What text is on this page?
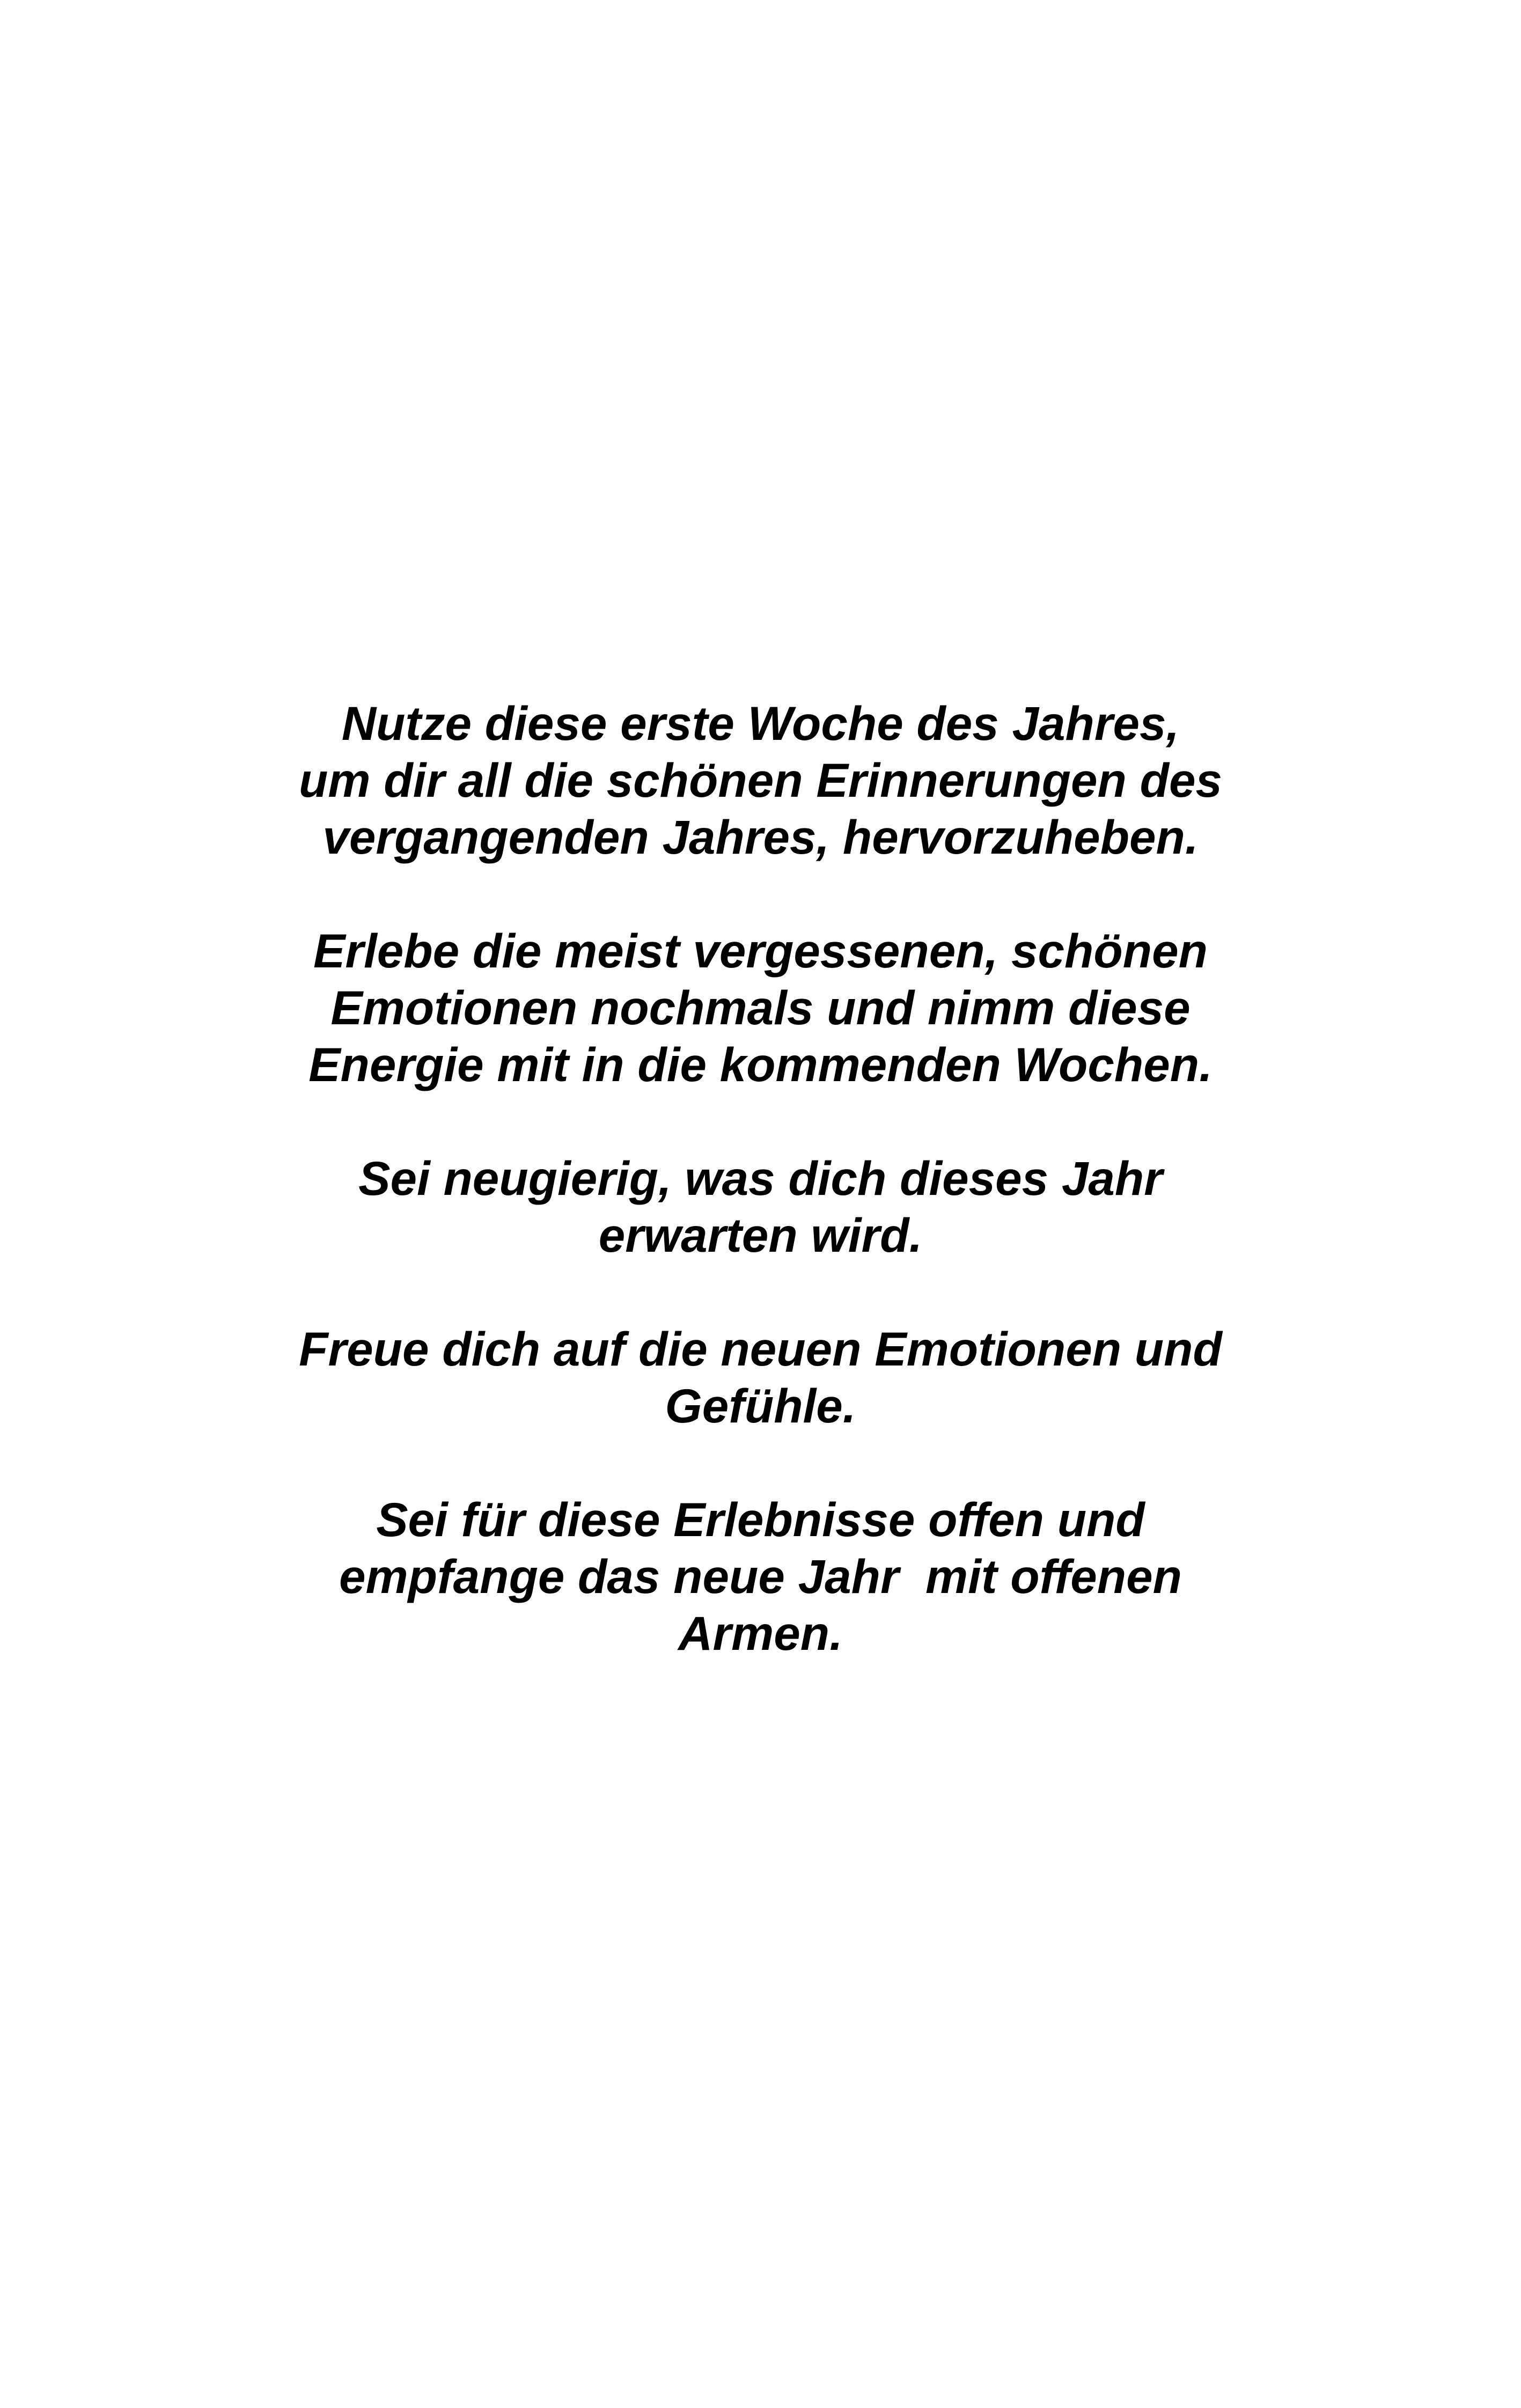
Nutze diese erste Woche des Jahres,
um dir all die schönen Erinnerungen des
vergangenden Jahres, hervorzuheben.

Erlebe die meist vergessenen, schönen
Emotionen nochmals und nimm diese
Energie mit in die kommenden Wochen.

Sei neugierig, was dich dieses Jahr
erwarten wird.

Freue dich auf die neuen Emotionen und
Gefühle.

Sei für diese Erlebnisse offen und
empfange das neue Jahr  mit offenen
Armen.
